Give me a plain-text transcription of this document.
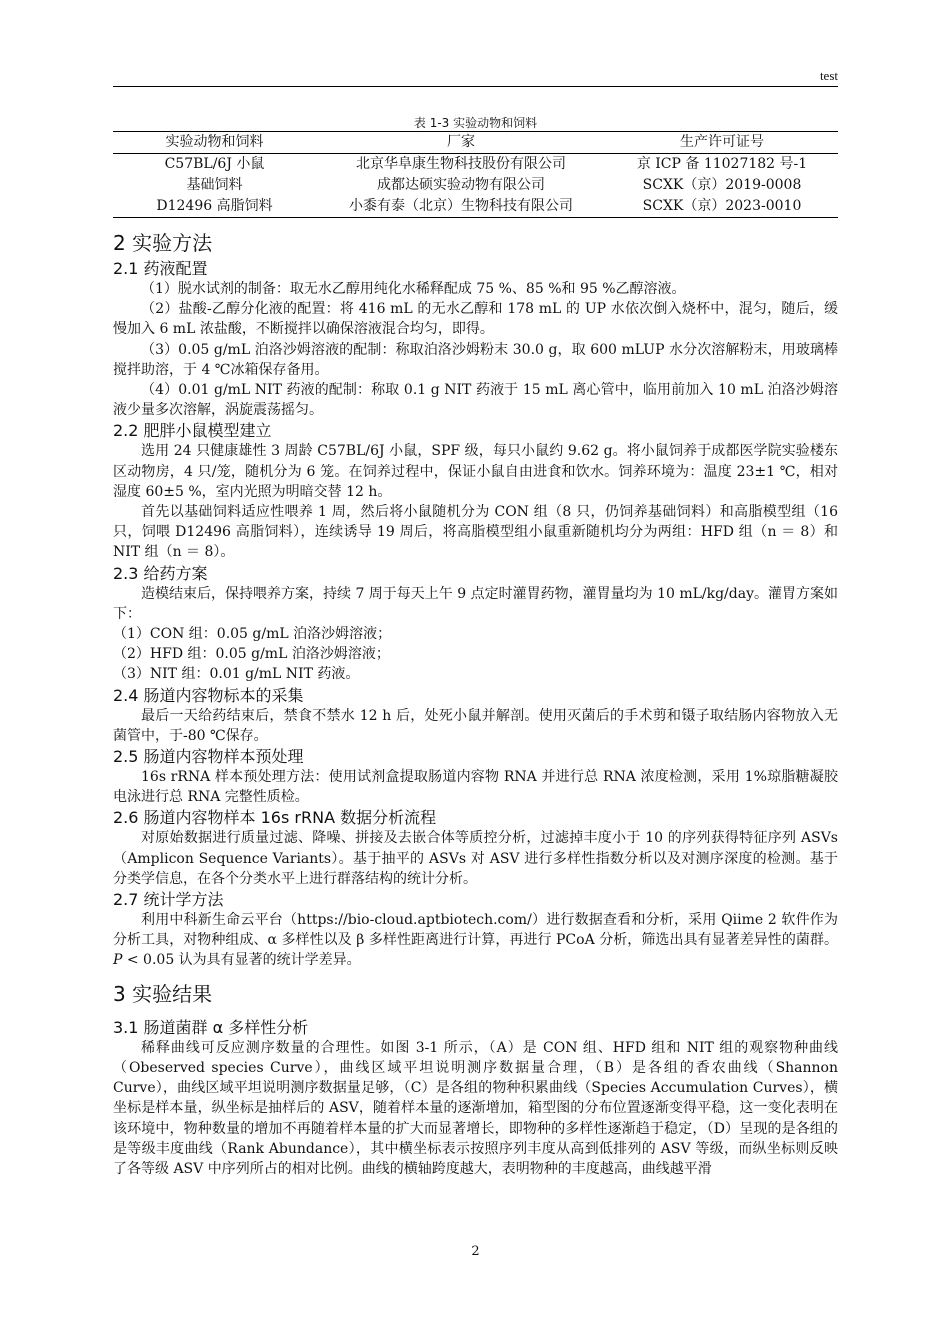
test
表 1-3 实验动物和饲料
实验动物和饲料	厂家	生产许可证号
C57BL/6J 小鼠	北京华阜康生物科技股份有限公司	京 ICP 备 11027182 号-1
基础饲料	成都达硕实验动物有限公司	SCXK（京）2019-0008
D12496 高脂饲料	小黍有泰（北京）生物科技有限公司	SCXK（京）2023-0010
2 实验方法
2.1 药液配置

（1）脱水试剂的制备：取无水乙醇用纯化水稀释配成 75 %、85 %和 95 %乙醇溶液。

（2）盐酸-乙醇分化液的配置：将 416 mL 的无水乙醇和 178 mL 的 UP 水依次倒入烧杯中，混匀，随后，缓慢加入 6 mL 浓盐酸，不断搅拌以确保溶液混合均匀，即得。

（3）0.05 g/mL 泊洛沙姆溶液的配制：称取泊洛沙姆粉末 30.0 g，取 600 mLUP 水分次溶解粉末，用玻璃棒搅拌助溶，于 4 ℃冰箱保存备用。

（4）0.01 g/mL NIT 药液的配制：称取 0.1 g NIT 药液于 15 mL 离心管中，临用前加入 10 mL 泊洛沙姆溶液少量多次溶解，涡旋震荡摇匀。

2.2 肥胖小鼠模型建立

选用 24 只健康雄性 3 周龄 C57BL/6J 小鼠，SPF 级，每只小鼠约 9.62 g。将小鼠饲养于成都医学院实验楼东区动物房，4 只/笼，随机分为 6 笼。在饲养过程中，保证小鼠自由进食和饮水。饲养环境为：温度 23±1 ℃，相对湿度 60±5 %，室内光照为明暗交替 12 h。

首先以基础饲料适应性喂养 1 周，然后将小鼠随机分为 CON 组（8 只，仍饲养基础饲料）和高脂模型组（16 只，饲喂 D12496 高脂饲料），连续诱导 19 周后，将高脂模型组小鼠重新随机均分为两组：HFD 组（n ＝ 8）和 NIT 组（n ＝ 8）。

2.3 给药方案

造模结束后，保持喂养方案，持续 7 周于每天上午 9 点定时灌胃药物，灌胃量均为 10 mL/kg/day。灌胃方案如下：

（1）CON 组：0.05 g/mL 泊洛沙姆溶液；

（2）HFD 组：0.05 g/mL 泊洛沙姆溶液；

（3）NIT 组：0.01 g/mL NIT 药液。

2.4 肠道内容物标本的采集

最后一天给药结束后，禁食不禁水 12 h 后，处死小鼠并解剖。使用灭菌后的手术剪和镊子取结肠内容物放入无菌管中，于-80 ℃保存。

2.5 肠道内容物样本预处理

16s rRNA 样本预处理方法：使用试剂盒提取肠道内容物 RNA 并进行总 RNA 浓度检测，采用 1%琼脂糖凝胶电泳进行总 RNA 完整性质检。

2.6 肠道内容物样本 16s rRNA 数据分析流程

对原始数据进行质量过滤、降噪、拼接及去嵌合体等质控分析，过滤掉丰度小于 10 的序列获得特征序列 ASVs（Amplicon Sequence Variants）。基于抽平的 ASVs 对 ASV 进行多样性指数分析以及对测序深度的检测。基于分类学信息，在各个分类水平上进行群落结构的统计分析。

2.7 统计学方法

利用中科新生命云平台（https://bio-cloud.aptbiotech.com/）进行数据查看和分析，采用 Qiime 2 软件作为分析工具，对物种组成、α 多样性以及 β 多样性距离进行计算，再进行 PCoA 分析，筛选出具有显著差异性的菌群。P < 0.05 认为具有显著的统计学差异。

3 实验结果
3.1 肠道菌群 α 多样性分析

稀释曲线可反应测序数量的合理性。如图 3-1 所示，（A）是 CON 组、HFD 组和 NIT 组的观察物种曲线（Obeserved species Curve），曲线区域平坦说明测序数据量合理，（B）是各组的香农曲线（Shannon Curve），曲线区域平坦说明测序数据量足够，（C）是各组的物种积累曲线（Species Accumulation Curves），横坐标是样本量，纵坐标是抽样后的 ASV，随着样本量的逐渐增加，箱型图的分布位置逐渐变得平稳，这一变化表明在该环境中，物种数量的增加不再随着样本量的扩大而显著增长，即物种的多样性逐渐趋于稳定，（D）呈现的是各组的是等级丰度曲线（Rank Abundance），其中横坐标表示按照序列丰度从高到低排列的 ASV 等级，而纵坐标则反映了各等级 ASV 中序列所占的相对比例。曲线的横轴跨度越大，表明物种的丰度越高，曲线越平滑

2
